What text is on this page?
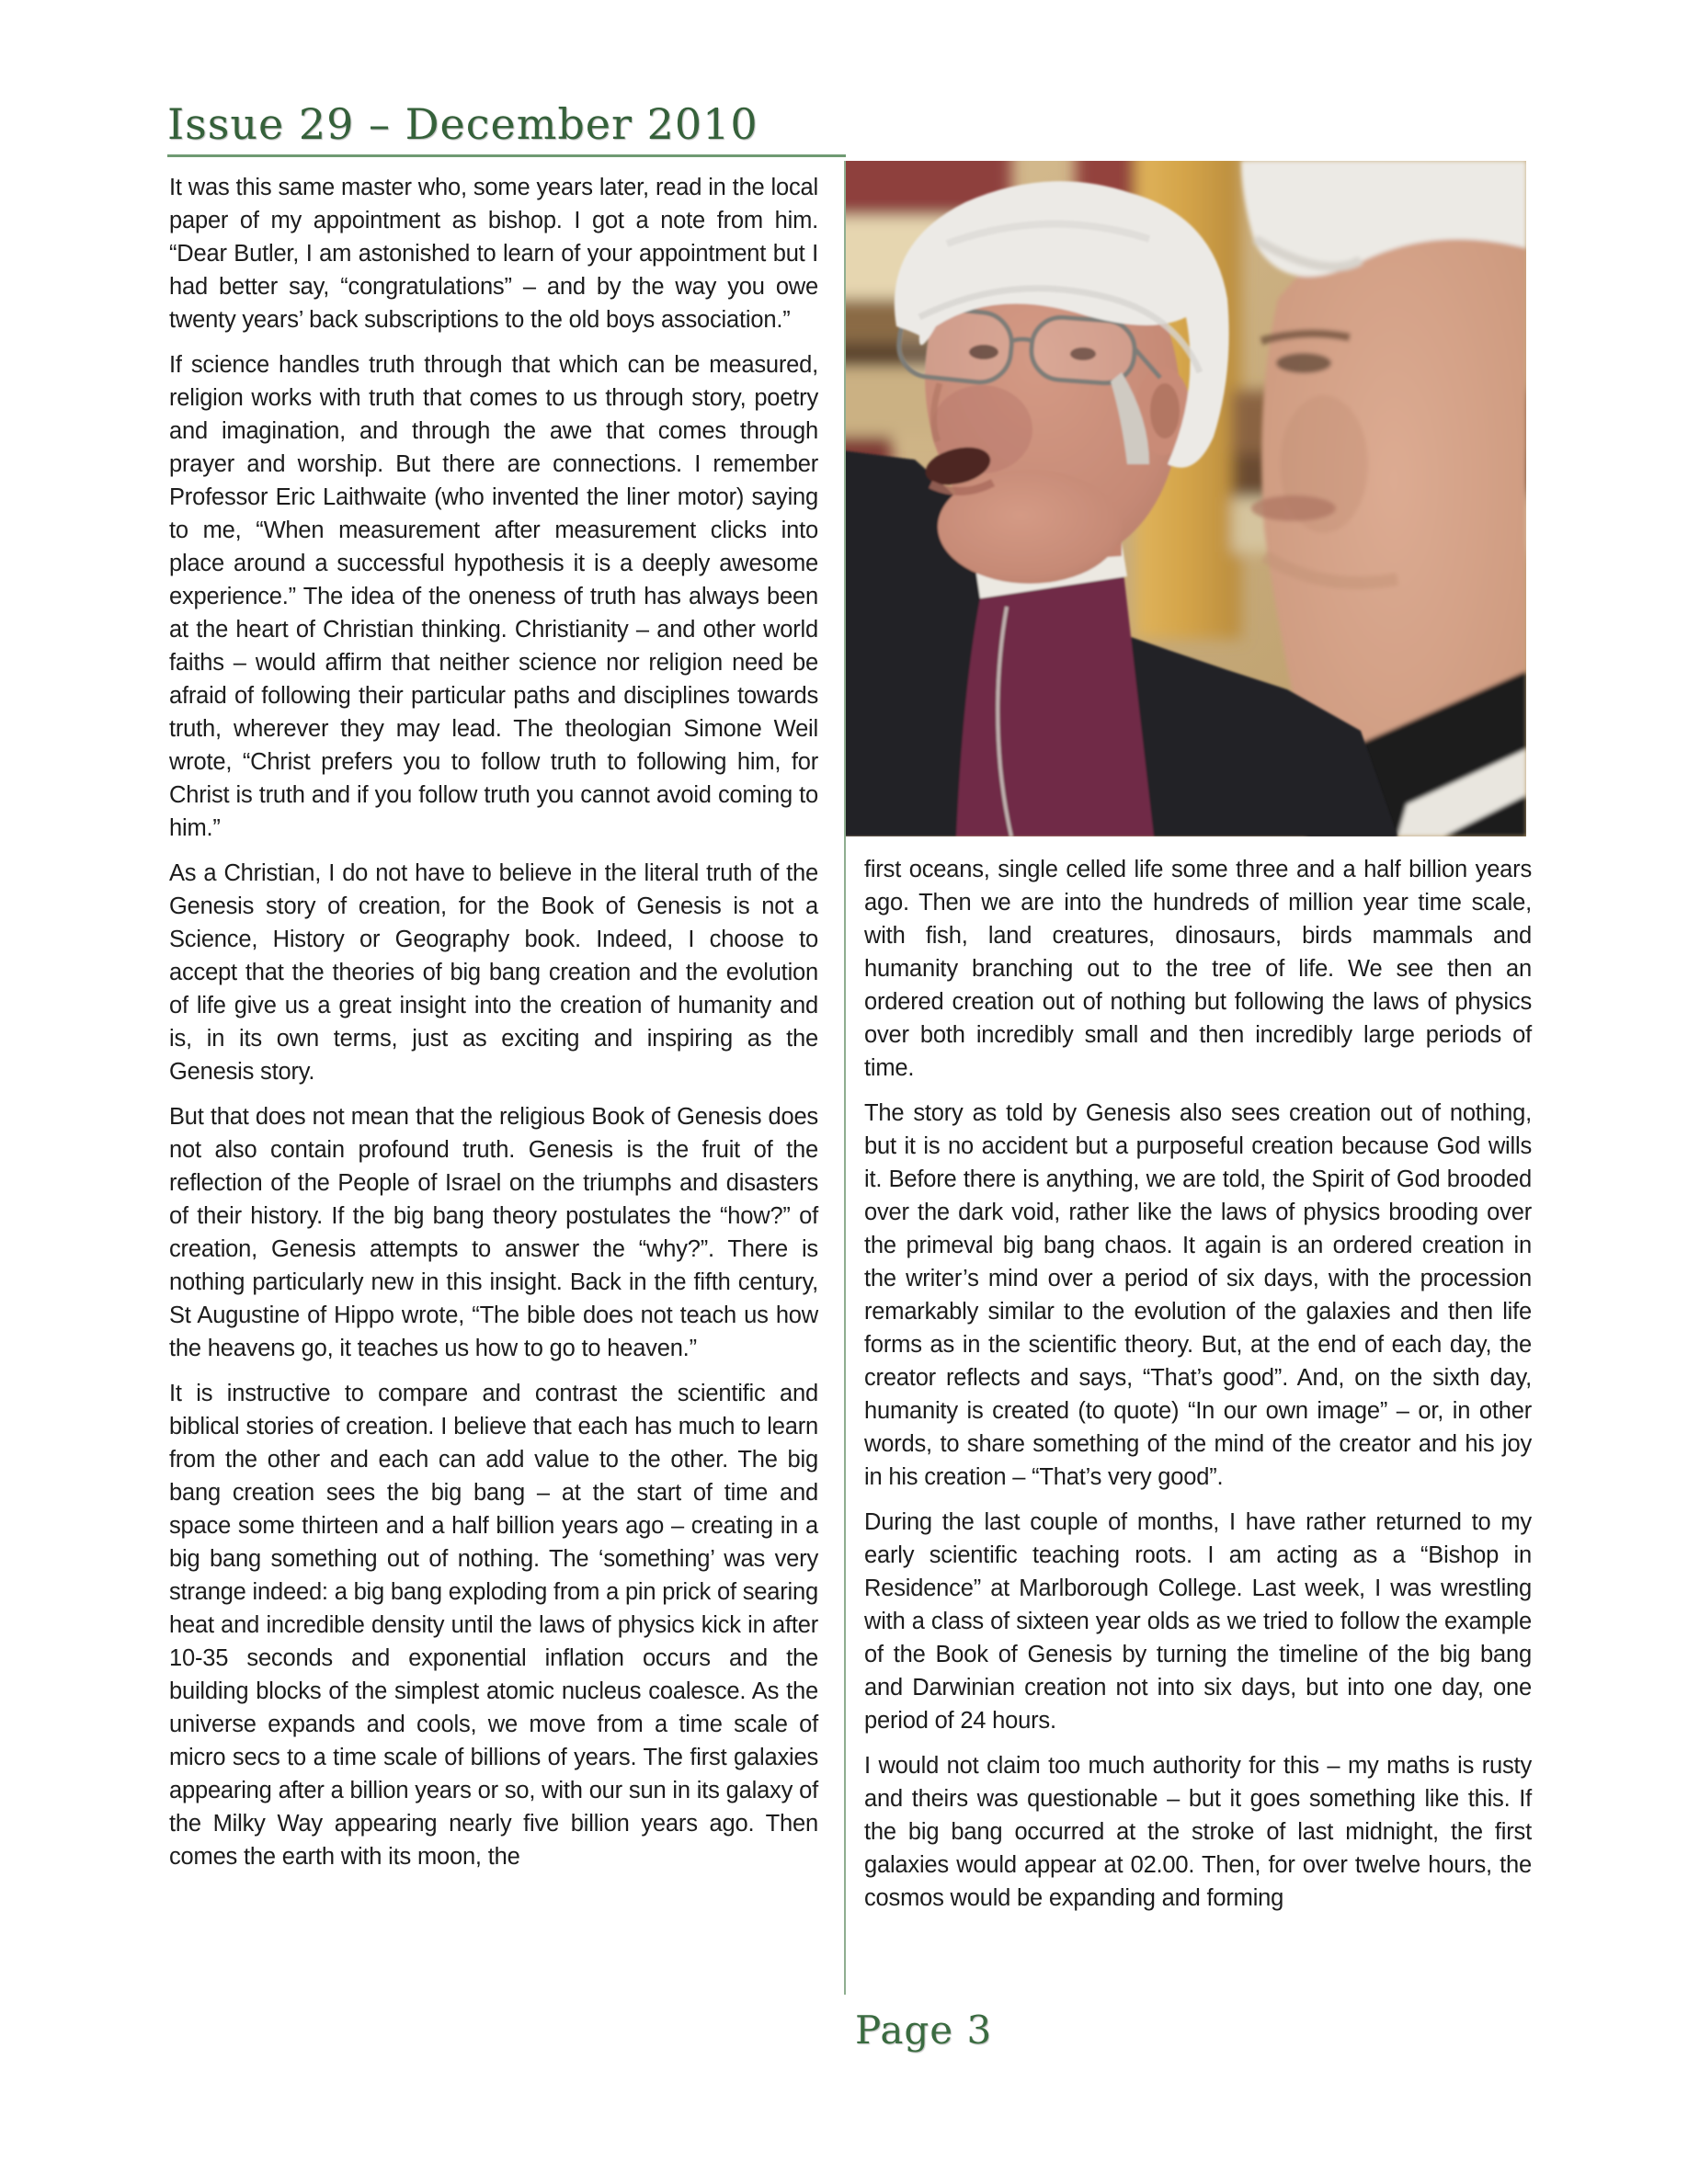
Issue 29 – December 2010

It was this same master who, some years later, read in the local paper of my appointment as bishop. I got a note from him. “Dear Butler, I am astonished to learn of your appointment but I had better say, “congratulations” – and by the way you owe twenty years’ back subscriptions to the old boys association.”

If science handles truth through that which can be measured, religion works with truth that comes to us through story, poetry and imagination, and through the awe that comes through prayer and worship. But there are connections. I remember Professor Eric Laithwaite (who invented the liner motor) saying to me, “When measurement after measurement clicks into place around a successful hypothesis it is a deeply awesome experience.” The idea of the oneness of truth has always been at the heart of Christian thinking. Christianity – and other world faiths – would affirm that neither science nor religion need be afraid of following their particular paths and disciplines towards truth, wherever they may lead. The theologian Simone Weil wrote, “Christ prefers you to follow truth to following him, for Christ is truth and if you follow truth you cannot avoid coming to him.”

As a Christian, I do not have to believe in the literal truth of the Genesis story of creation, for the Book of Genesis is not a Science, History or Geography book. Indeed, I choose to accept that the theories of big bang creation and the evolution of life give us a great insight into the creation of humanity and is, in its own terms, just as exciting and inspiring as the Genesis story.

But that does not mean that the religious Book of Genesis does not also contain profound truth. Genesis is the fruit of the reflection of the People of Israel on the triumphs and disasters of their history. If the big bang theory postulates the “how?” of creation, Genesis attempts to answer the “why?”. There is nothing particularly new in this insight. Back in the fifth century, St Augustine of Hippo wrote, “The bible does not teach us how the heavens go, it teaches us how to go to heaven.”

It is instructive to compare and contrast the scientific and biblical stories of creation. I believe that each has much to learn from the other and each can add value to the other. The big bang creation sees the big bang – at the start of time and space some thirteen and a half billion years ago – creating in a big bang something out of nothing. The ‘something’ was very strange indeed: a big bang exploding from a pin prick of searing heat and incredible density until the laws of physics kick in after 10-35 seconds and exponential inflation occurs and the building blocks of the simplest atomic nucleus coalesce. As the universe expands and cools, we move from a time scale of micro secs to a time scale of billions of years. The first galaxies appearing after a billion years or so, with our sun in its galaxy of the Milky Way appearing nearly five billion years ago. Then comes the earth with its moon, the

first oceans, single celled life some three and a half billion years ago. Then we are into the hundreds of million year time scale, with fish, land creatures, dinosaurs, birds mammals and humanity branching out to the tree of life. We see then an ordered creation out of nothing but following the laws of physics over both incredibly small and then incredibly large periods of time.

The story as told by Genesis also sees creation out of nothing, but it is no accident but a purposeful creation because God wills it. Before there is anything, we are told, the Spirit of God brooded over the dark void, rather like the laws of physics brooding over the primeval big bang chaos. It again is an ordered creation in the writer’s mind over a period of six days, with the procession remarkably similar to the evolution of the galaxies and then life forms as in the scientific theory. But, at the end of each day, the creator reflects and says, “That’s good”. And, on the sixth day, humanity is created (to quote) “In our own image” – or, in other words, to share something of the mind of the creator and his joy in his creation – “That’s very good”.

During the last couple of months, I have rather returned to my early scientific teaching roots. I am acting as a “Bishop in Residence” at Marlborough College. Last week, I was wrestling with a class of sixteen year olds as we tried to follow the example of the Book of Genesis by turning the timeline of the big bang and Darwinian creation not into six days, but into one day, one period of 24 hours.

I would not claim too much authority for this – my maths is rusty and theirs was questionable – but it goes something like this. If the big bang occurred at the stroke of last midnight, the first galaxies would appear at 02.00. Then, for over twelve hours, the cosmos would be expanding and forming

Page 3
